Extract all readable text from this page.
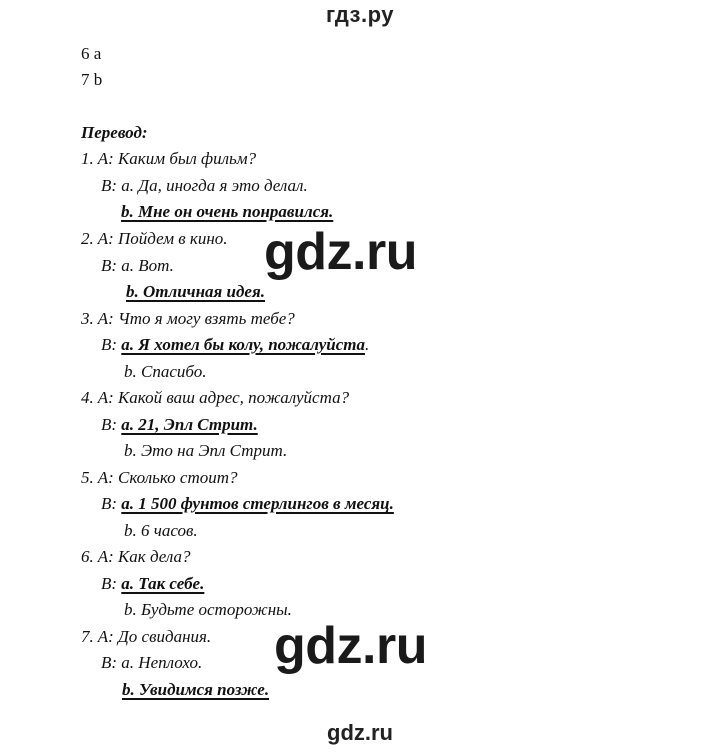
гдз.ру
gdz.ru
gdz.ru
gdz.ru
6 a
7 b
Перевод:
1. A: Каким был фильм?
B: a. Да, иногда я это делал.
b. Мне он очень понравился.
2. A: Пойдем в кино.
B: a. Вот.
b. Отличная идея.
3. A: Что я могу взять тебе?
B: a. Я хотел бы колу, пожалуйста.
b. Спасибо.
4. A: Какой ваш адрес, пожалуйста?
B: a. 21, Эпл Стрит.
b. Это на Эпл Стрит.
5. A: Сколько стоит?
B: a. 1 500 фунтов стерлингов в месяц.
b. 6 часов.
6. A: Как дела?
B: a. Так себе.
b. Будьте осторожны.
7. A: До свидания.
B: a. Неплохо.
b. Увидимся позже.
